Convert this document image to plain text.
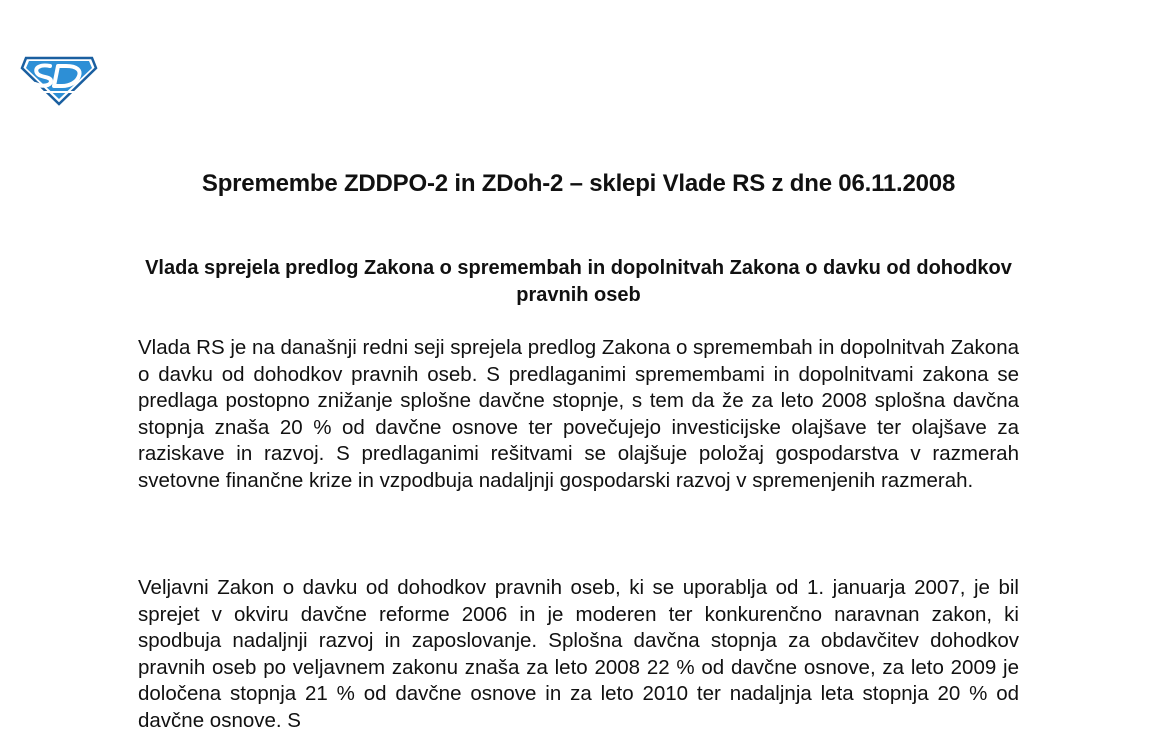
Spremembe ZDDPO-2 in ZDoh-2 – sklepi Vlade RS z dne 06.11.2008
Vlada sprejela predlog Zakona o spremembah in dopolnitvah Zakona o davku od dohodkov pravnih oseb

Vlada RS je na današnji redni seji sprejela predlog Zakona o spremembah in dopolnitvah Zakona o davku od dohodkov pravnih oseb. S predlaganimi spremembami in dopolnitvami zakona se predlaga postopno znižanje splošne davčne stopnje, s tem da že za leto 2008 splošna davčna stopnja znaša 20 % od davčne osnove ter povečujejo investicijske olajšave ter olajšave za raziskave in razvoj. S predlaganimi rešitvami se olajšuje položaj gospodarstva v razmerah svetovne finančne krize in vzpodbuja nadaljnji gospodarski razvoj v spremenjenih razmerah.

Veljavni Zakon o davku od dohodkov pravnih oseb, ki se uporablja od 1. januarja 2007, je bil sprejet v okviru davčne reforme 2006 in je moderen ter konkurenčno naravnan zakon, ki spodbuja nadaljnji razvoj in zaposlovanje. Splošna davčna stopnja za obdavčitev dohodkov pravnih oseb po veljavnem zakonu znaša za leto 2008 22 % od davčne osnove, za leto 2009 je določena stopnja 21 % od davčne osnove in za leto 2010 ter nadaljnja leta stopnja 20 % od davčne osnove. S
